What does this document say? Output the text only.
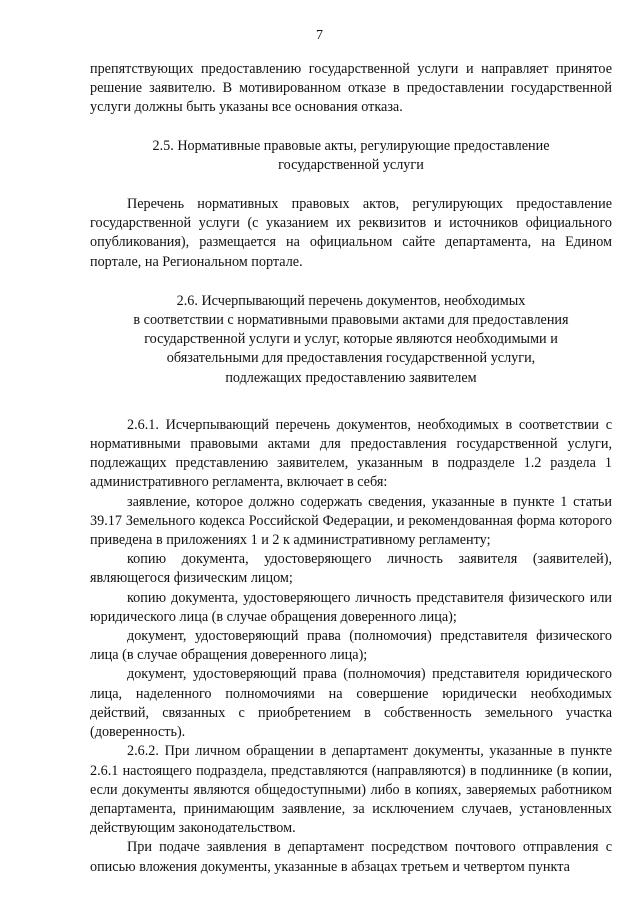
7

препятствующих предоставлению государственной услуги и направляет принятое решение заявителю. В мотивированном отказе в предоставлении государственной услуги должны быть указаны все основания отказа.

2.5. Нормативные правовые акты, регулирующие предоставление

государственной услуги

Перечень нормативных правовых актов, регулирующих предоставление государственной услуги (с указанием их реквизитов и источников официального опубликования), размещается на официальном сайте департамента, на Едином портале, на Региональном портале.

2.6. Исчерпывающий перечень документов, необходимых

в соответствии с нормативными правовыми актами для предоставления

государственной услуги и услуг, которые являются необходимыми и

обязательными для предоставления государственной услуги,

подлежащих предоставлению заявителем

2.6.1. Исчерпывающий перечень документов, необходимых в соответствии с нормативными правовыми актами для предоставления государственной услуги, подлежащих представлению заявителем, указанным в подразделе 1.2 раздела 1 административного регламента, включает в себя:

заявление, которое должно содержать сведения, указанные в пункте 1 статьи 39.17 Земельного кодекса Российской Федерации, и рекомендованная форма которого приведена в приложениях 1 и 2 к административному регламенту;

копию документа, удостоверяющего личность заявителя (заявителей), являющегося физическим лицом;

копию документа, удостоверяющего личность представителя физического или юридического лица (в случае обращения доверенного лица);

документ, удостоверяющий права (полномочия) представителя физического лица (в случае обращения доверенного лица);

документ, удостоверяющий права (полномочия) представителя юридического лица, наделенного полномочиями на совершение юридически необходимых действий, связанных с приобретением в собственность земельного участка (доверенность).

2.6.2. При личном обращении в департамент документы, указанные в пункте 2.6.1 настоящего подраздела, представляются (направляются) в подлиннике (в копии, если документы являются общедоступными) либо в копиях, заверяемых работником департамента, принимающим заявление, за исключением случаев, установленных действующим законодательством.

При подаче заявления в департамент посредством почтового отправления с описью вложения документы, указанные в абзацах третьем и четвертом пункта
